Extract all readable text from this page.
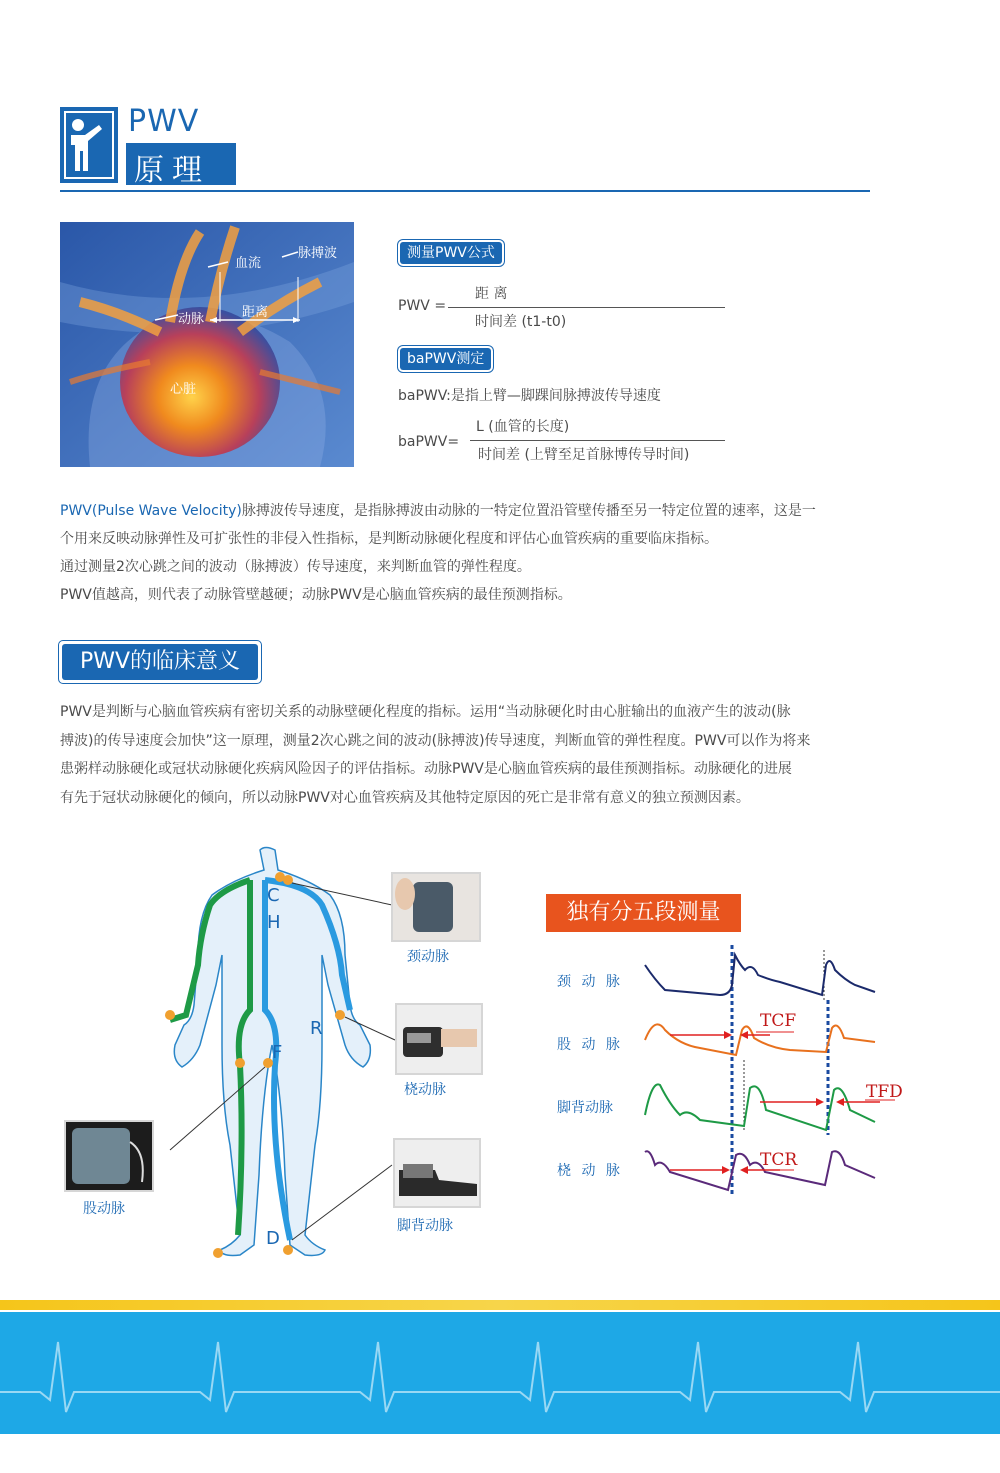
PWV
原理
脉搏波
血流
距离
动脉
心脏
测量PWV公式
PWV =
距 离
时间差 (t1-t0)
baPWV测定
baPWV:是指上臂—脚踝间脉搏波传导速度
baPWV=
L (血管的长度)
时间差 (上臂至足首脉博传导时间)

PWV(Pulse Wave Velocity)脉搏波传导速度，是指脉搏波由动脉的一特定位置沿管壁传播至另一特定位置的速率，这是一

个用来反映动脉弹性及可扩张性的非侵入性指标，是判断动脉硬化程度和评估心血管疾病的重要临床指标。

通过测量2次心跳之间的波动（脉搏波）传导速度，来判断血管的弹性程度。

PWV值越高，则代表了动脉管壁越硬；动脉PWV是心脑血管疾病的最佳预测指标。

PWV的临床意义

PWV是判断与心脑血管疾病有密切关系的动脉壁硬化程度的指标。运用“当动脉硬化时由心脏输出的血液产生的波动(脉

搏波)的传导速度会加快”这一原理，测量2次心跳之间的波动(脉搏波)传导速度，判断血管的弹性程度。PWV可以作为将来

患粥样动脉硬化或冠状动脉硬化疾病风险因子的评估指标。动脉PWV是心脑血管疾病的最佳预测指标。动脉硬化的进展

有先于冠状动脉硬化的倾向，所以动脉PWV对心血管疾病及其他特定原因的死亡是非常有意义的独立预测因素。

C
H
R
F
D
颈动脉
桡动脉
股动脉
脚背动脉
独有分五段测量
颈 动 脉
股 动 脉
脚背动脉
桡 动 脉
TCF
TFD
TCR
